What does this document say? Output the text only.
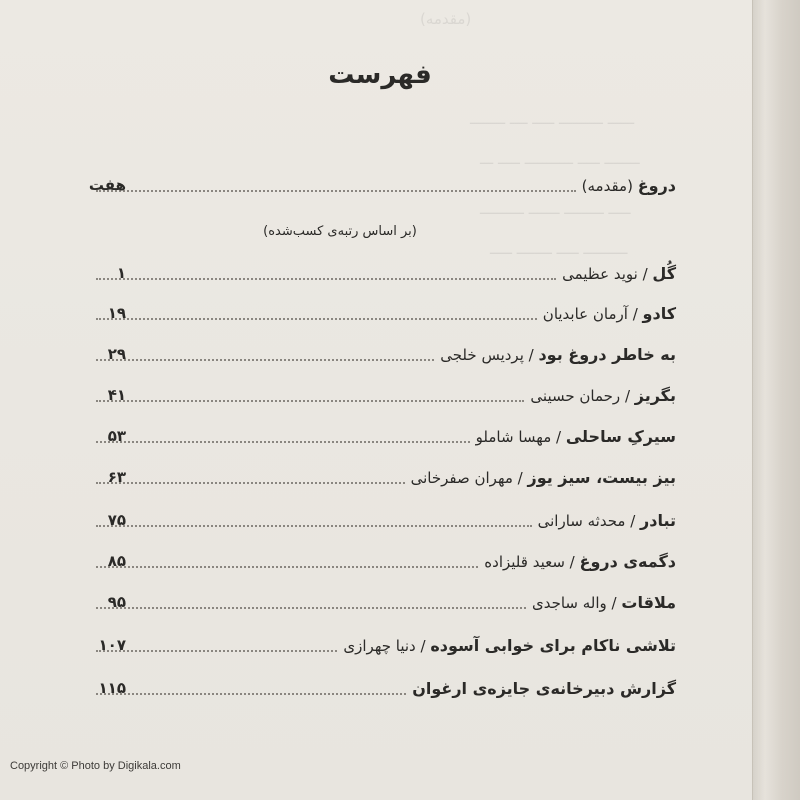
(مقدمه)
ــــــ ــــــــــ ـــــ ــــ ــــــــ
ــــــــ ـــــ ـــــــــــ ـــــ ـــ
ـــــ ـــــــــ ـــــــ ــــــــــ
ــــــــــ ـــــ ــــــــ ـــــ
فهرست
دروغ (مقدمه)
هفت
(بر اساس رتبه‌ی کسب‌شده)
گُل / نوید عظیمی
۱
کادو / آرمان عابدیان
۱۹
به خاطر دروغ بود / پردیس خلجی
۲۹
بگریز / رحمان حسینی
۴۱
سیرکِ ساحلی / مهسا شاملو
۵۳
بیز بیست، سیز یوز / مهران صفرخانی
۶۳
تبادر / محدثه سارانی
۷۵
دگمه‌ی دروغ / سعید قلیزاده
۸۵
ملاقات / واله ساجدی
۹۵
تلاشی ناکام برای خوابی آسوده / دنیا چهرازی
۱۰۷
گزارش دبیرخانه‌ی جایزه‌ی ارغوان
۱۱۵
Copyright © Photo by Digikala.com
